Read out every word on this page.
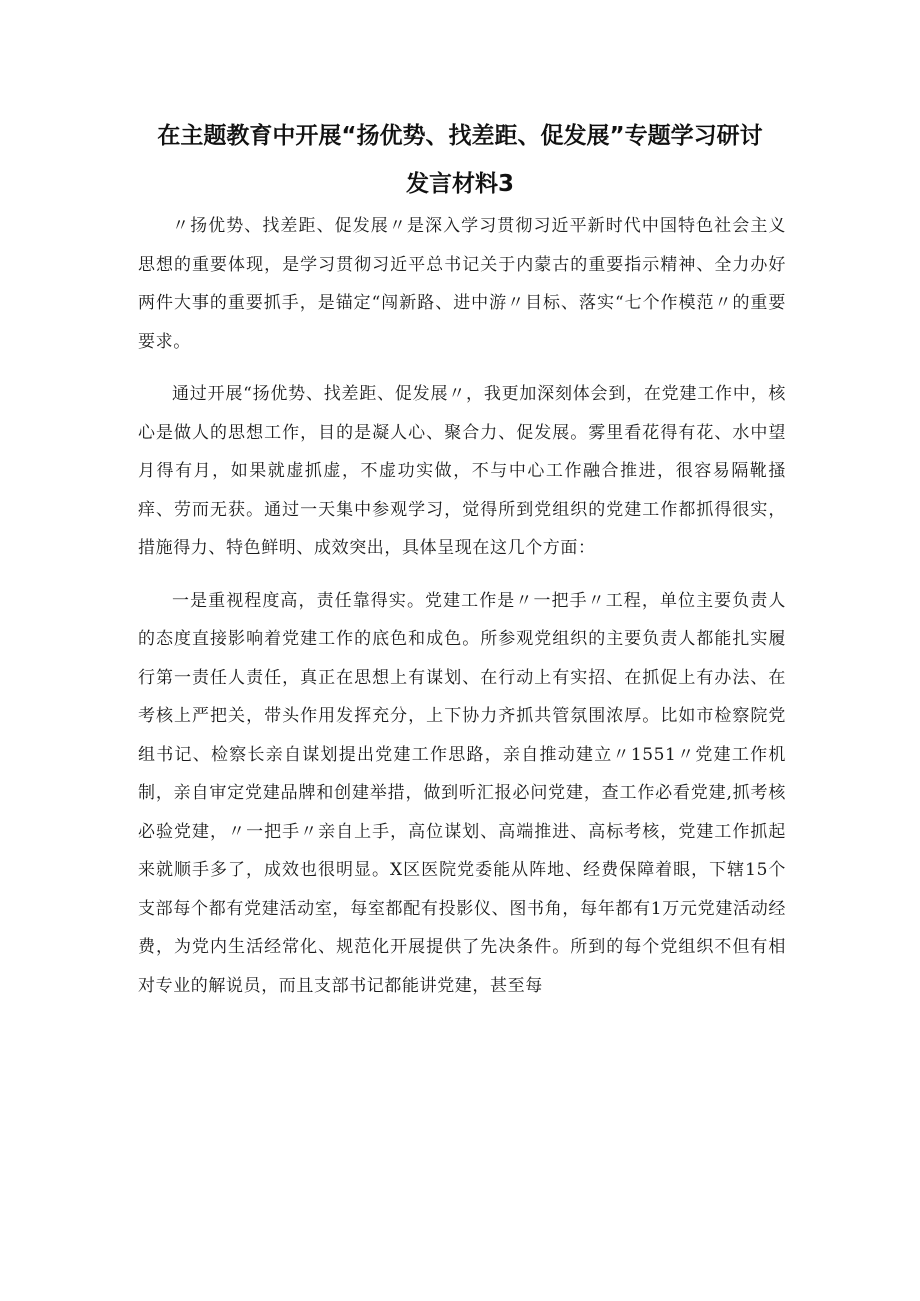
在主题教育中开展“扬优势、找差距、促发展”专题学习研讨
发言材料3

〃扬优势、找差距、促发展〃是深入学习贯彻习近平新时代中国特色社会主义思想的重要体现，是学习贯彻习近平总书记关于内蒙古的重要指示精神、全力办好两件大事的重要抓手，是锚定“闯新路、进中游〃目标、落实“七个作模范〃的重要要求。

通过开展“扬优势、找差距、促发展〃，我更加深刻体会到，在党建工作中，核心是做人的思想工作，目的是凝人心、聚合力、促发展。雾里看花得有花、水中望月得有月，如果就虚抓虚，不虚功实做，不与中心工作融合推进，很容易隔靴搔痒、劳而无获。通过一天集中参观学习，觉得所到党组织的党建工作都抓得很实，措施得力、特色鲜明、成效突出，具体呈现在这几个方面：

一是重视程度高，责任靠得实。党建工作是〃一把手〃工程，单位主要负责人的态度直接影响着党建工作的底色和成色。所参观党组织的主要负责人都能扎实履行第一责任人责任，真正在思想上有谋划、在行动上有实招、在抓促上有办法、在考核上严把关，带头作用发挥充分，上下协力齐抓共管氛围浓厚。比如市检察院党组书记、检察长亲自谋划提出党建工作思路，亲自推动建立〃1551〃党建工作机制，亲自审定党建品牌和创建举措，做到听汇报必问党建，查工作必看党建,抓考核必验党建，〃一把手〃亲自上手，高位谋划、高端推进、高标考核，党建工作抓起来就顺手多了，成效也很明显。X区医院党委能从阵地、经费保障着眼，下辖15个支部每个都有党建活动室，每室都配有投影仪、图书角，每年都有1万元党建活动经费，为党内生活经常化、规范化开展提供了先决条件。所到的每个党组织不但有相对专业的解说员，而且支部书记都能讲党建，甚至每
